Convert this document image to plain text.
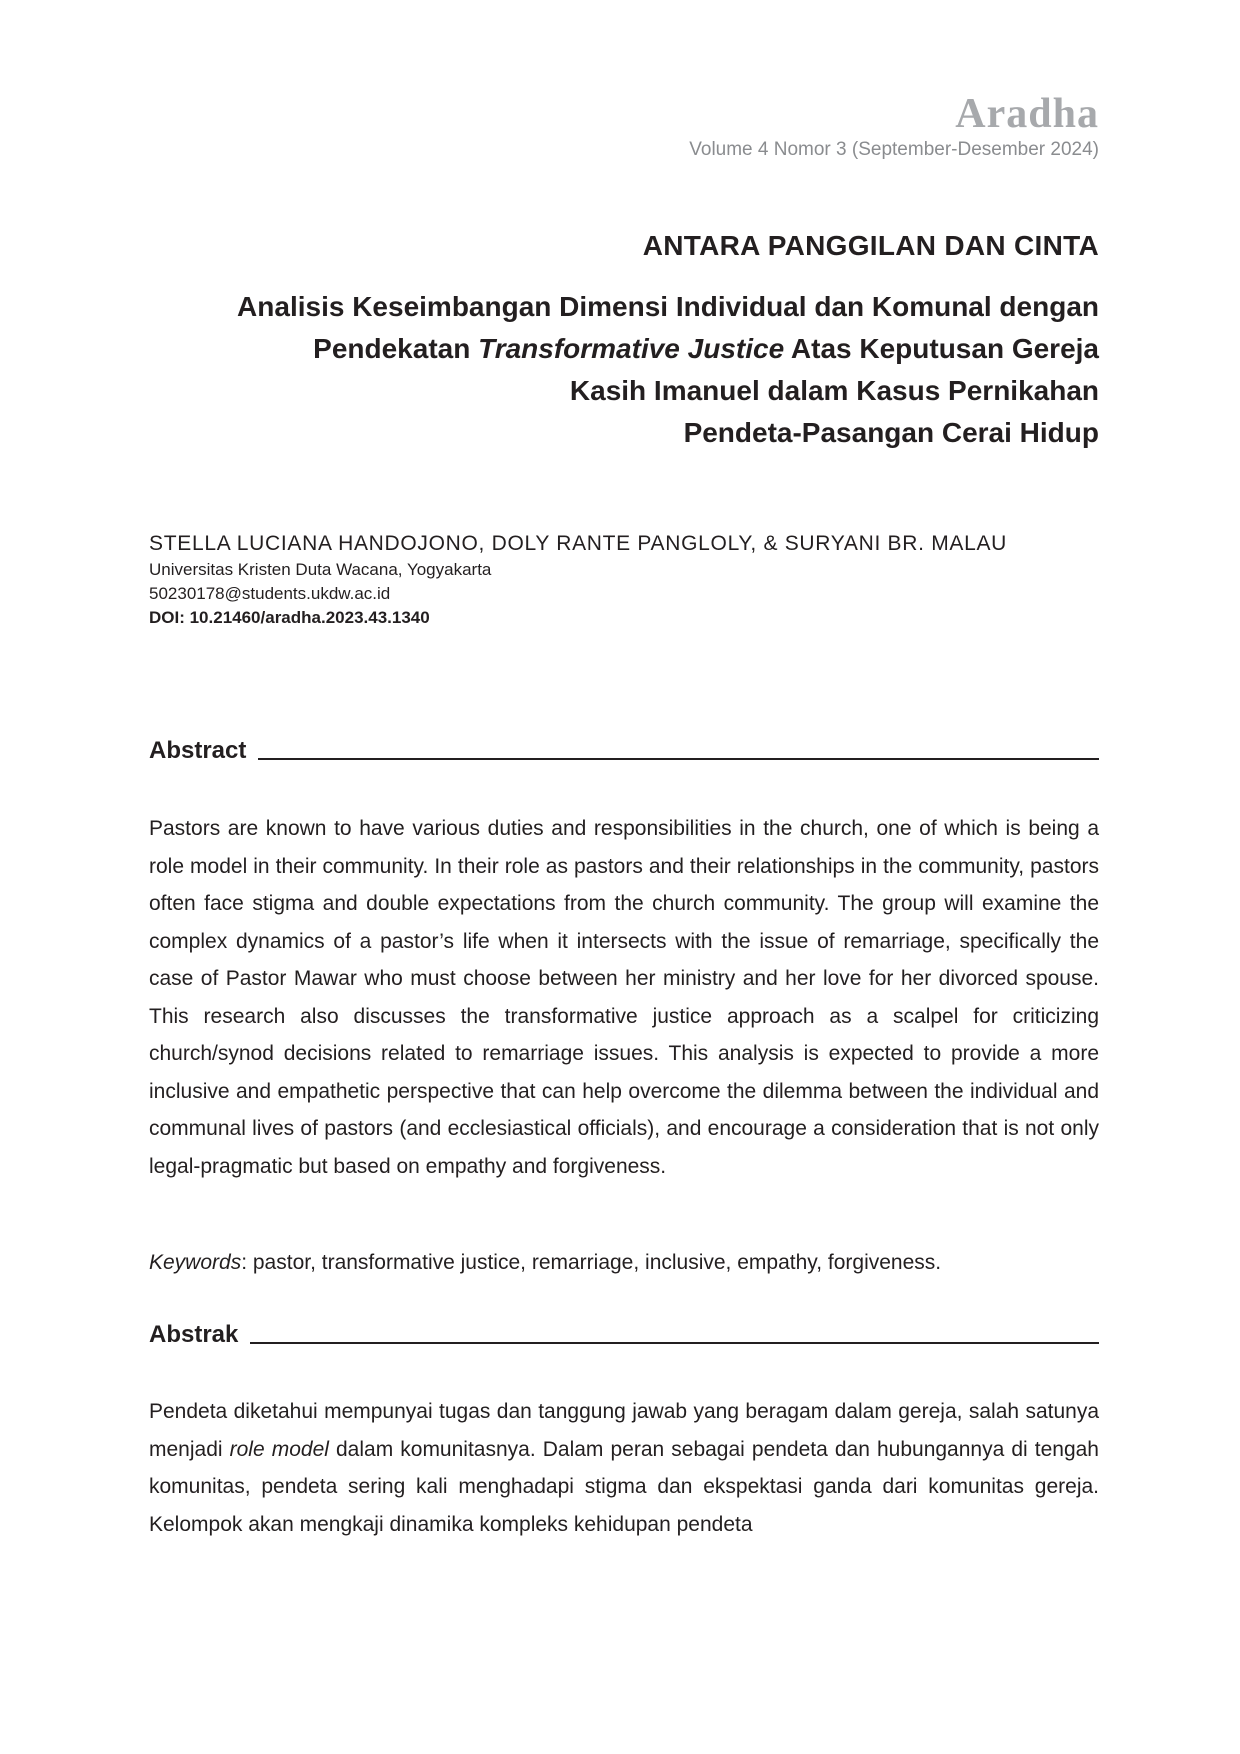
Aradha
Volume 4 Nomor 3 (September-Desember 2024)
ANTARA PANGGILAN DAN CINTA
Analisis Keseimbangan Dimensi Individual dan Komunal dengan
Pendekatan Transformative Justice Atas Keputusan Gereja
Kasih Imanuel dalam Kasus Pernikahan
Pendeta-Pasangan Cerai Hidup
STELLA LUCIANA HANDOJONO, DOLY RANTE PANGLOLY, & SURYANI BR. MALAU
Universitas Kristen Duta Wacana, Yogyakarta
50230178@students.ukdw.ac.id
DOI: 10.21460/aradha.2023.43.1340
Abstract
Pastors are known to have various duties and responsibilities in the church, one of which is being a role model in their community. In their role as pastors and their relationships in the community, pastors often face stigma and double expectations from the church community. The group will examine the complex dynamics of a pastor’s life when it intersects with the issue of remarriage, specifically the case of Pastor Mawar who must choose between her ministry and her love for her divorced spouse. This research also discusses the transformative justice approach as a scalpel for criticizing church/synod decisions related to remarriage issues. This analysis is expected to provide a more inclusive and empathetic perspective that can help overcome the dilemma between the individual and communal lives of pastors (and ecclesiastical officials), and encourage a consideration that is not only legal-pragmatic but based on empathy and forgiveness.
Keywords: pastor, transformative justice, remarriage, inclusive, empathy, forgiveness.
Abstrak
Pendeta diketahui mempunyai tugas dan tanggung jawab yang beragam dalam gereja, salah satunya menjadi role model dalam komunitasnya. Dalam peran sebagai pendeta dan hubungannya di tengah komunitas, pendeta sering kali menghadapi stigma dan ekspektasi ganda dari komunitas gereja. Kelompok akan mengkaji dinamika kompleks kehidupan pendeta
